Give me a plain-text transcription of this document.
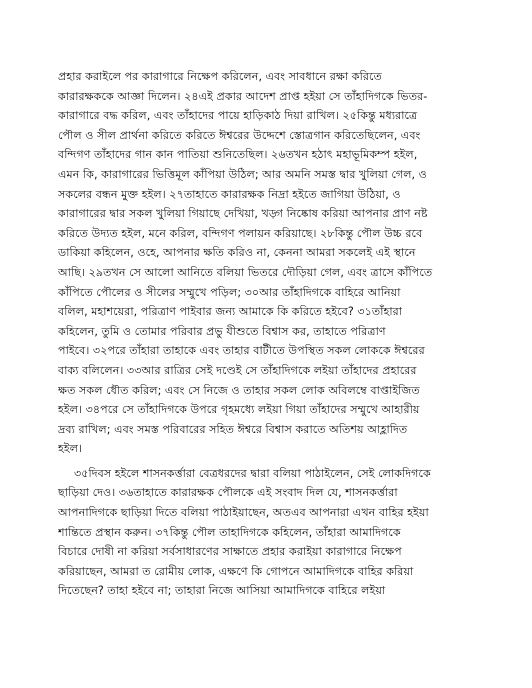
প্রহার করাইলে পর কারাগারে নিক্ষেপ করিলেন, এবং সাবধানে রক্ষা করিতে
কারারক্ষককে আজ্ঞা দিলেন। ২৪এই প্রকার আদেশ প্রাপ্ত হইয়া সে তাঁহাদিগকে ভিতর-
কারাগারে বদ্ধ করিল, এবং তাঁহাদের পায়ে হাড়িকাঠ দিয়া রাখিল। ২৫কিন্তু মধ্যরাত্রে
পৌল ও সীল প্রার্থনা করিতে করিতে ঈশ্বরের উদ্দেশে স্তোত্রগান করিতেছিলেন, এবং
বন্দিগণ তাঁহাদের গান কান পাতিয়া শুনিতেছিল। ২৬তখন হঠাৎ মহাভূমিকম্প হইল,
এমন কি, কারাগারের ভিত্তিমূল কাঁপিয়া উঠিল; আর অমনি সমস্ত দ্বার খুলিয়া গেল, ও
সকলের বন্ধন মুক্ত হইল। ২৭তাহাতে কারারক্ষক নিদ্রা হইতে জাগিয়া উঠিয়া, ও
কারাগারের দ্বার সকল খুলিয়া গিয়াছে দেখিয়া, খড়্গ নিষ্কোষ করিয়া আপনার প্রাণ নষ্ট
করিতে উদ্যত হইল, মনে করিল, বন্দিগণ পলায়ন করিয়াছে। ২৮কিন্তু পৌল উচ্চ রবে
ডাকিয়া কহিলেন, ওহে, আপনার ক্ষতি করিও না, কেননা আমরা সকলেই এই স্থানে
আছি। ২৯তখন সে আলো আনিতে বলিয়া ভিতরে দৌড়িয়া গেল, এবং ত্রাসে কাঁপিতে
কাঁপিতে পৌলের ও সীলের সম্মুখে পড়িল; ৩০আর তাঁহাদিগকে বাহিরে আনিয়া
বলিল, মহাশয়েরা, পরিত্রাণ পাইবার জন্য আমাকে কি করিতে হইবে? ৩১তাঁহারা
কহিলেন, তুমি ও তোমার পরিবার প্রভু যীশুতে বিশ্বাস কর, তাহাতে পরিত্রাণ
পাইবে। ৩২পরে তাঁহারা তাহাকে এবং তাহার বাটীতে উপস্থিত সকল লোককে ঈশ্বরের
বাক্য বলিলেন। ৩৩আর রাত্রির সেই দণ্ডেই সে তাঁহাদিগকে লইয়া তাঁহাদের প্রহারের
ক্ষত সকল ধৌত করিল; এবং সে নিজে ও তাহার সকল লোক অবিলম্বে বাপ্তাইজিত
হইল। ৩৪পরে সে তাঁহাদিগকে উপরে গৃহমধ্যে লইয়া গিয়া তাঁহাদের সম্মুখে আহারীয়
দ্রব্য রাখিল; এবং সমস্ত পরিবারের সহিত ঈশ্বরে বিশ্বাস করাতে অতিশয় আহ্লাদিত
হইল।
৩৫দিবস হইলে শাসনকর্ত্তারা বেত্রধরদের দ্বারা বলিয়া পাঠাইলেন, সেই লোকদিগকে
ছাড়িয়া দেও। ৩৬তাহাতে কারারক্ষক পৌলকে এই সংবাদ দিল যে, শাসনকর্ত্তারা
আপনাদিগকে ছাড়িয়া দিতে বলিয়া পাঠাইয়াছেন, অতএব আপনারা এখন বাহির হইয়া
শান্তিতে প্রস্থান করুন। ৩৭কিন্তু পৌল তাহাদিগকে কহিলেন, তাঁহারা আমাদিগকে
বিচারে দোষী না করিয়া সর্বসাধারণের সাক্ষাতে প্রহার করাইয়া কারাগারে নিক্ষেপ
করিয়াছেন, আমরা ত রোমীয় লোক, এক্ষণে কি গোপনে আমাদিগকে বাহির করিয়া
দিতেছেন? তাহা হইবে না; তাহারা নিজে আসিয়া আমাদিগকে বাহিরে লইয়া
